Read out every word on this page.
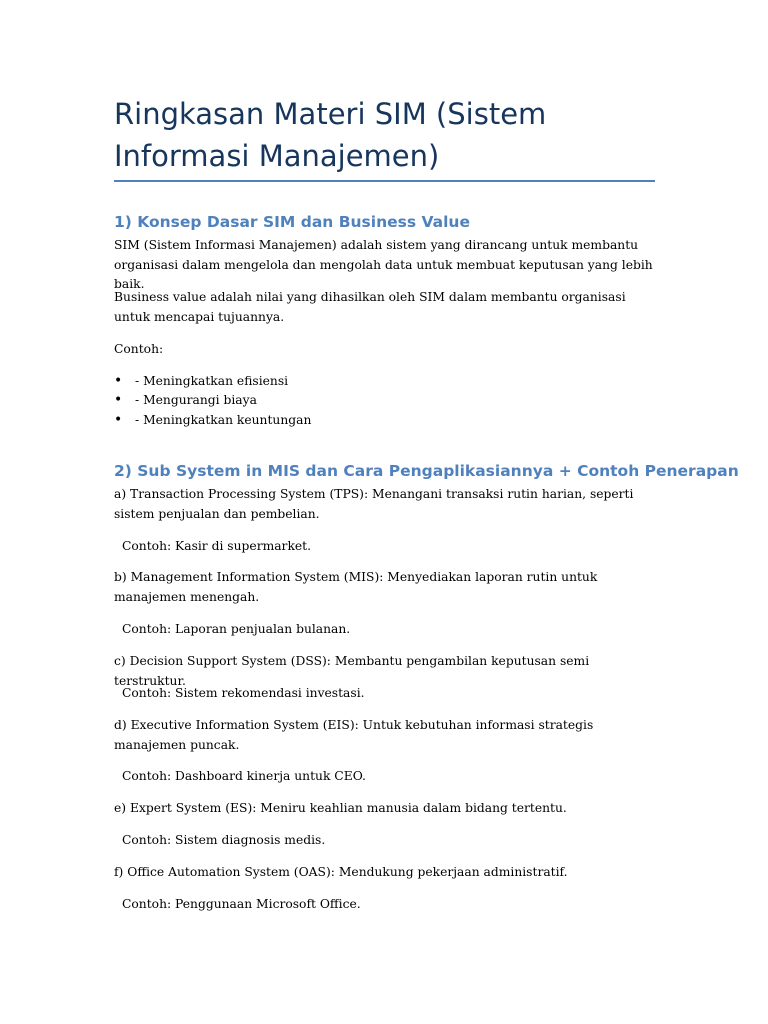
Ringkasan Materi SIM (Sistem Informasi Manajemen)
1) Konsep Dasar SIM dan Business Value

SIM (Sistem Informasi Manajemen) adalah sistem yang dirancang untuk membantu organisasi dalam mengelola dan mengolah data untuk membuat keputusan yang lebih baik.

Business value adalah nilai yang dihasilkan oleh SIM dalam membantu organisasi untuk mencapai tujuannya.

Contoh:

• - Meningkatkan efisiensi
• - Mengurangi biaya
• - Meningkatkan keuntungan
2) Sub System in MIS dan Cara Pengaplikasiannya + Contoh Penerapan

a) Transaction Processing System (TPS): Menangani transaksi rutin harian, seperti sistem penjualan dan pembelian.

Contoh: Kasir di supermarket.

b) Management Information System (MIS): Menyediakan laporan rutin untuk manajemen menengah.

Contoh: Laporan penjualan bulanan.

c) Decision Support System (DSS): Membantu pengambilan keputusan semi terstruktur.

Contoh: Sistem rekomendasi investasi.

d) Executive Information System (EIS): Untuk kebutuhan informasi strategis manajemen puncak.

Contoh: Dashboard kinerja untuk CEO.

e) Expert System (ES): Meniru keahlian manusia dalam bidang tertentu.

Contoh: Sistem diagnosis medis.

f) Office Automation System (OAS): Mendukung pekerjaan administratif.

Contoh: Penggunaan Microsoft Office.
